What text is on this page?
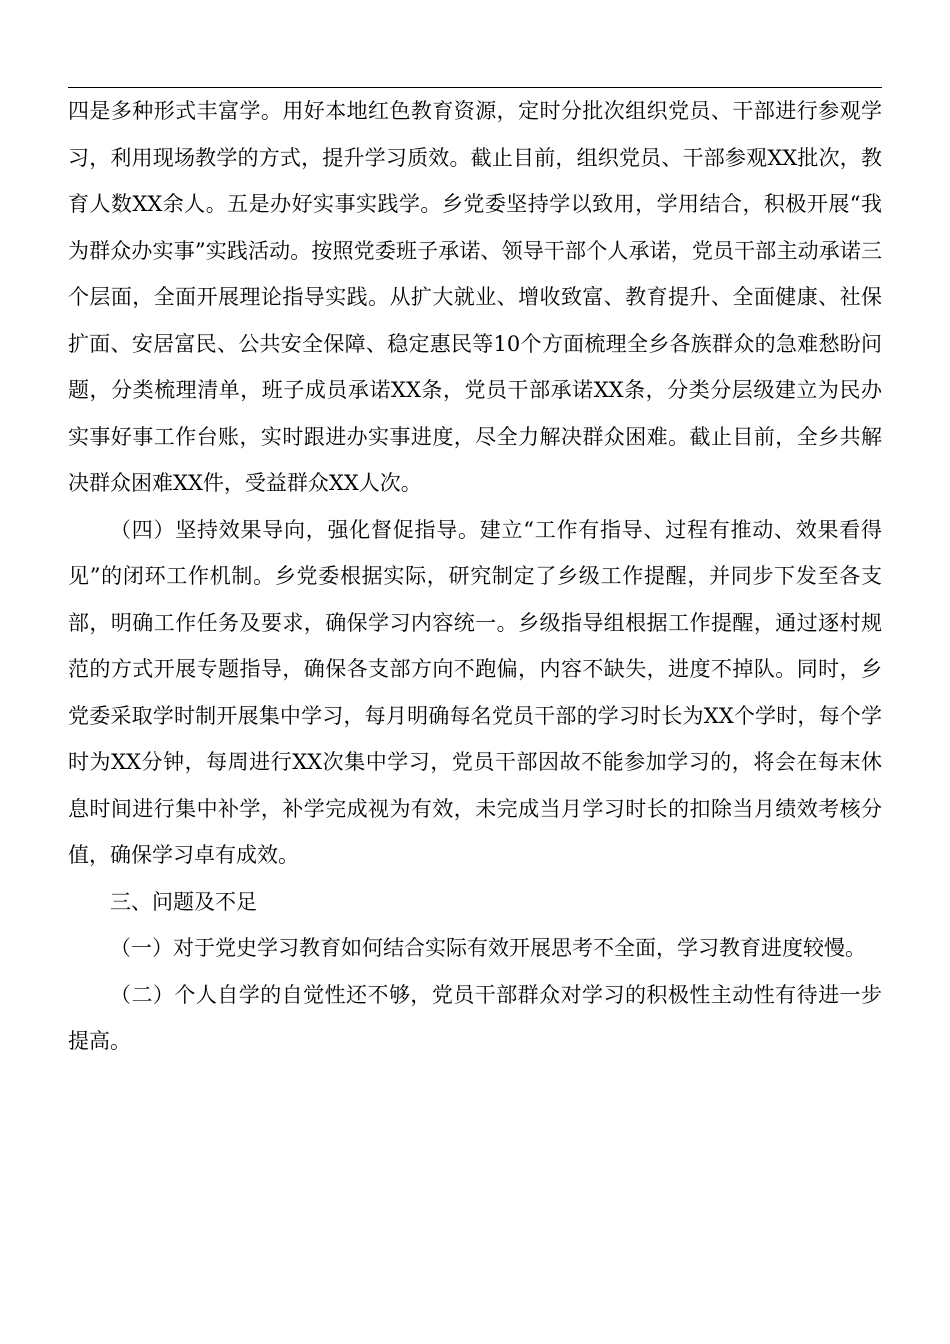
四是多种形式丰富学。用好本地红色教育资源，定时分批次组织党员、干部进行参观学习，利用现场教学的方式，提升学习质效。截止目前，组织党员、干部参观XX批次，教育人数XX余人。五是办好实事实践学。乡党委坚持学以致用，学用结合，积极开展“我为群众办实事”实践活动。按照党委班子承诺、领导干部个人承诺，党员干部主动承诺三个层面，全面开展理论指导实践。从扩大就业、增收致富、教育提升、全面健康、社保扩面、安居富民、公共安全保障、稳定惠民等10个方面梳理全乡各族群众的急难愁盼问题，分类梳理清单，班子成员承诺XX条，党员干部承诺XX条，分类分层级建立为民办实事好事工作台账，实时跟进办实事进度，尽全力解决群众困难。截止目前，全乡共解决群众困难XX件，受益群众XX人次。

（四）坚持效果导向，强化督促指导。建立“工作有指导、过程有推动、效果看得见”的闭环工作机制。乡党委根据实际，研究制定了乡级工作提醒，并同步下发至各支部，明确工作任务及要求，确保学习内容统一。乡级指导组根据工作提醒，通过逐村规范的方式开展专题指导，确保各支部方向不跑偏，内容不缺失，进度不掉队。同时，乡党委采取学时制开展集中学习，每月明确每名党员干部的学习时长为XX个学时，每个学时为XX分钟，每周进行XX次集中学习，党员干部因故不能参加学习的，将会在每末休息时间进行集中补学，补学完成视为有效，未完成当月学习时长的扣除当月绩效考核分值，确保学习卓有成效。

三、问题及不足

（一）对于党史学习教育如何结合实际有效开展思考不全面，学习教育进度较慢。

（二）个人自学的自觉性还不够，党员干部群众对学习的积极性主动性有待进一步提高。
